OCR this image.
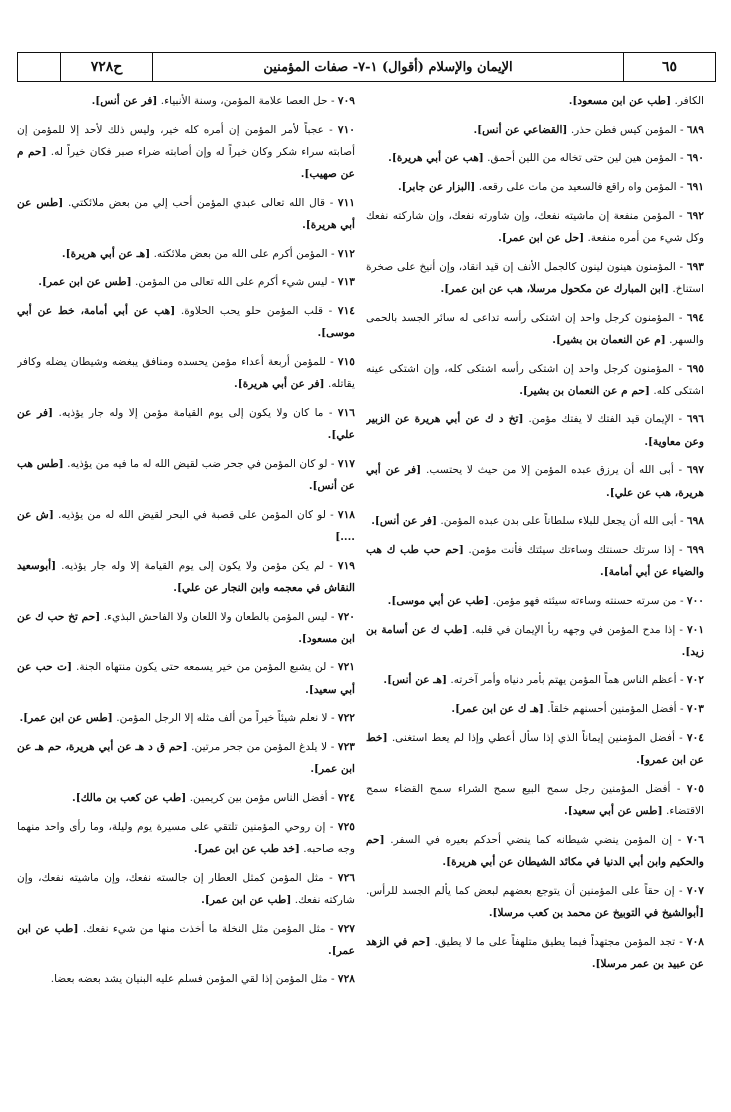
٦٥
الإيمان والإسلام (أقوال) ١-٧- صفات المؤمنين
ح٧٢٨

الكافر. [طب عن ابن مسعود].

٦٨٩ - المؤمن كيس فطن حذر. [القضاعي عن أنس].

٦٩٠ - المؤمن هين لين حتى تخاله من اللين أحمق. [هب عن أبي هريرة].

٦٩١ - المؤمن واه راقع فالسعيد من مات على رقعه. [البزار عن جابر].

٦٩٢ - المؤمن منفعة إن ماشيته نفعك، وإن شاورته نفعك، وإن شاركته نفعك وكل شيء من أمره منفعة. [حل عن ابن عمر].

٦٩٣ - المؤمنون هينون لينون كالجمل الأنف إن قيد انقاد، وإن أنيخ على صخرة استناخ. [ابن المبارك عن مكحول مرسلا، هب عن ابن عمر].

٦٩٤ - المؤمنون كرجل واحد إن اشتكى رأسه تداعى له سائر الجسد بالحمى والسهر. [م عن النعمان بن بشير].

٦٩٥ - المؤمنون كرجل واحد إن اشتكى رأسه اشتكى كله، وإن اشتكى عينه اشتكى كله. [حم م عن النعمان بن بشير].

٦٩٦ - الإيمان قيد الفتك لا يفتك مؤمن. [تخ د ك عن أبي هريرة عن الزبير وعن معاوية].

٦٩٧ - أبى الله أن يرزق عبده المؤمن إلا من حيث لا يحتسب. [فر عن أبي هريرة، هب عن علي].

٦٩٨ - أبى الله أن يجعل للبلاء سلطاناً على بدن عبده المؤمن. [فر عن أنس].

٦٩٩ - إذا سرتك حسنتك وساءتك سيئتك فأنت مؤمن. [حم حب طب ك هب والضياء عن أبي أمامة].

٧٠٠ - من سرته حسنته وساءته سيئته فهو مؤمن. [طب عن أبي موسى].

٧٠١ - إذا مدح المؤمن في وجهه ربأ الإيمان في قلبه. [طب ك عن أسامة بن زيد].

٧٠٢ - أعظم الناس هماً المؤمن يهتم بأمر دنياه وأمر آخرته. [هـ عن أنس].

٧٠٣ - أفضل المؤمنين أحسنهم خلقاً. [هـ ك عن ابن عمر].

٧٠٤ - أفضل المؤمنين إيماناً الذي إذا سأل أعطي وإذا لم يعط استغنى. [خط عن ابن عمرو].

٧٠٥ - أفضل المؤمنين رجل سمح البيع سمح الشراء سمح القضاء سمح الاقتضاء. [طس عن أبي سعيد].

٧٠٦ - إن المؤمن ينضي شيطانه كما ينضي أحدكم بعيره في السفر. [حم والحكيم وابن أبي الدنيا في مكائد الشيطان عن أبي هريرة].

٧٠٧ - إن حقاً على المؤمنين أن يتوجع بعضهم لبعض كما يألم الجسد للرأس. [أبوالشيخ في التوبيخ عن محمد بن كعب مرسلا].

٧٠٨ - تجد المؤمن مجتهداً فيما يطيق متلهفاً على ما لا يطيق. [حم في الزهد عن عبيد بن عمر مرسلا].

٧٠٩ - حل العصا علامة المؤمن، وسنة الأنبياء. [فر عن أنس].

٧١٠ - عجباً لأمر المؤمن إن أمره كله خير، وليس ذلك لأحد إلا للمؤمن إن أصابته سراء شكر وكان خيراً له وإن أصابته ضراء صبر فكان خيراً له. [حم م عن صهيب].

٧١١ - قال الله تعالى عبدي المؤمن أحب إلي من بعض ملائكتي. [طس عن أبي هريرة].

٧١٢ - المؤمن أكرم على الله من بعض ملائكته. [هـ عن أبي هريرة].

٧١٣ - ليس شيء أكرم على الله تعالى من المؤمن. [طس عن ابن عمر].

٧١٤ - قلب المؤمن حلو يحب الحلاوة. [هب عن أبي أمامة، خط عن أبي موسى].

٧١٥ - للمؤمن أربعة أعداء مؤمن يحسده ومنافق يبغضه وشيطان يضله وكافر يقاتله. [فر عن أبي هريرة].

٧١٦ - ما كان ولا يكون إلى يوم القيامة مؤمن إلا وله جار يؤذيه. [فر عن علي].

٧١٧ - لو كان المؤمن في جحر ضب لقيض الله له ما فيه من يؤذيه. [طس هب عن أنس].

٧١٨ - لو كان المؤمن على قصبة في البحر لقيض الله له من يؤذيه. [ش عن ....]

٧١٩ - لم يكن مؤمن ولا يكون إلى يوم القيامة إلا وله جار يؤذيه. [أبوسعيد النقاش في معجمه وابن النجار عن علي].

٧٢٠ - ليس المؤمن بالطعان ولا اللعان ولا الفاحش البذيء. [حم تخ حب ك عن ابن مسعود].

٧٢١ - لن يشبع المؤمن من خير يسمعه حتى يكون منتهاه الجنة. [ت حب عن أبي سعيد].

٧٢٢ - لا نعلم شيئاً خيراً من ألف مثله إلا الرجل المؤمن. [طس عن ابن عمر].

٧٢٣ - لا يلدغ المؤمن من جحر مرتين. [حم ق د هـ عن أبي هريرة، حم هـ عن ابن عمر].

٧٢٤ - أفضل الناس مؤمن بين كريمين. [طب عن كعب بن مالك].

٧٢٥ - إن روحي المؤمنين تلتقي على مسيرة يوم وليلة، وما رأى واحد منهما وجه صاحبه. [خد طب عن ابن عمر].

٧٢٦ - مثل المؤمن كمثل العطار إن جالسته نفعك، وإن ماشيته نفعك، وإن شاركته نفعك. [طب عن ابن عمر].

٧٢٧ - مثل المؤمن مثل النخلة ما أخذت منها من شيء نفعك. [طب عن ابن عمر].

٧٢٨ - مثل المؤمن إذا لقي المؤمن فسلم عليه البنيان يشد بعضه بعضا.
